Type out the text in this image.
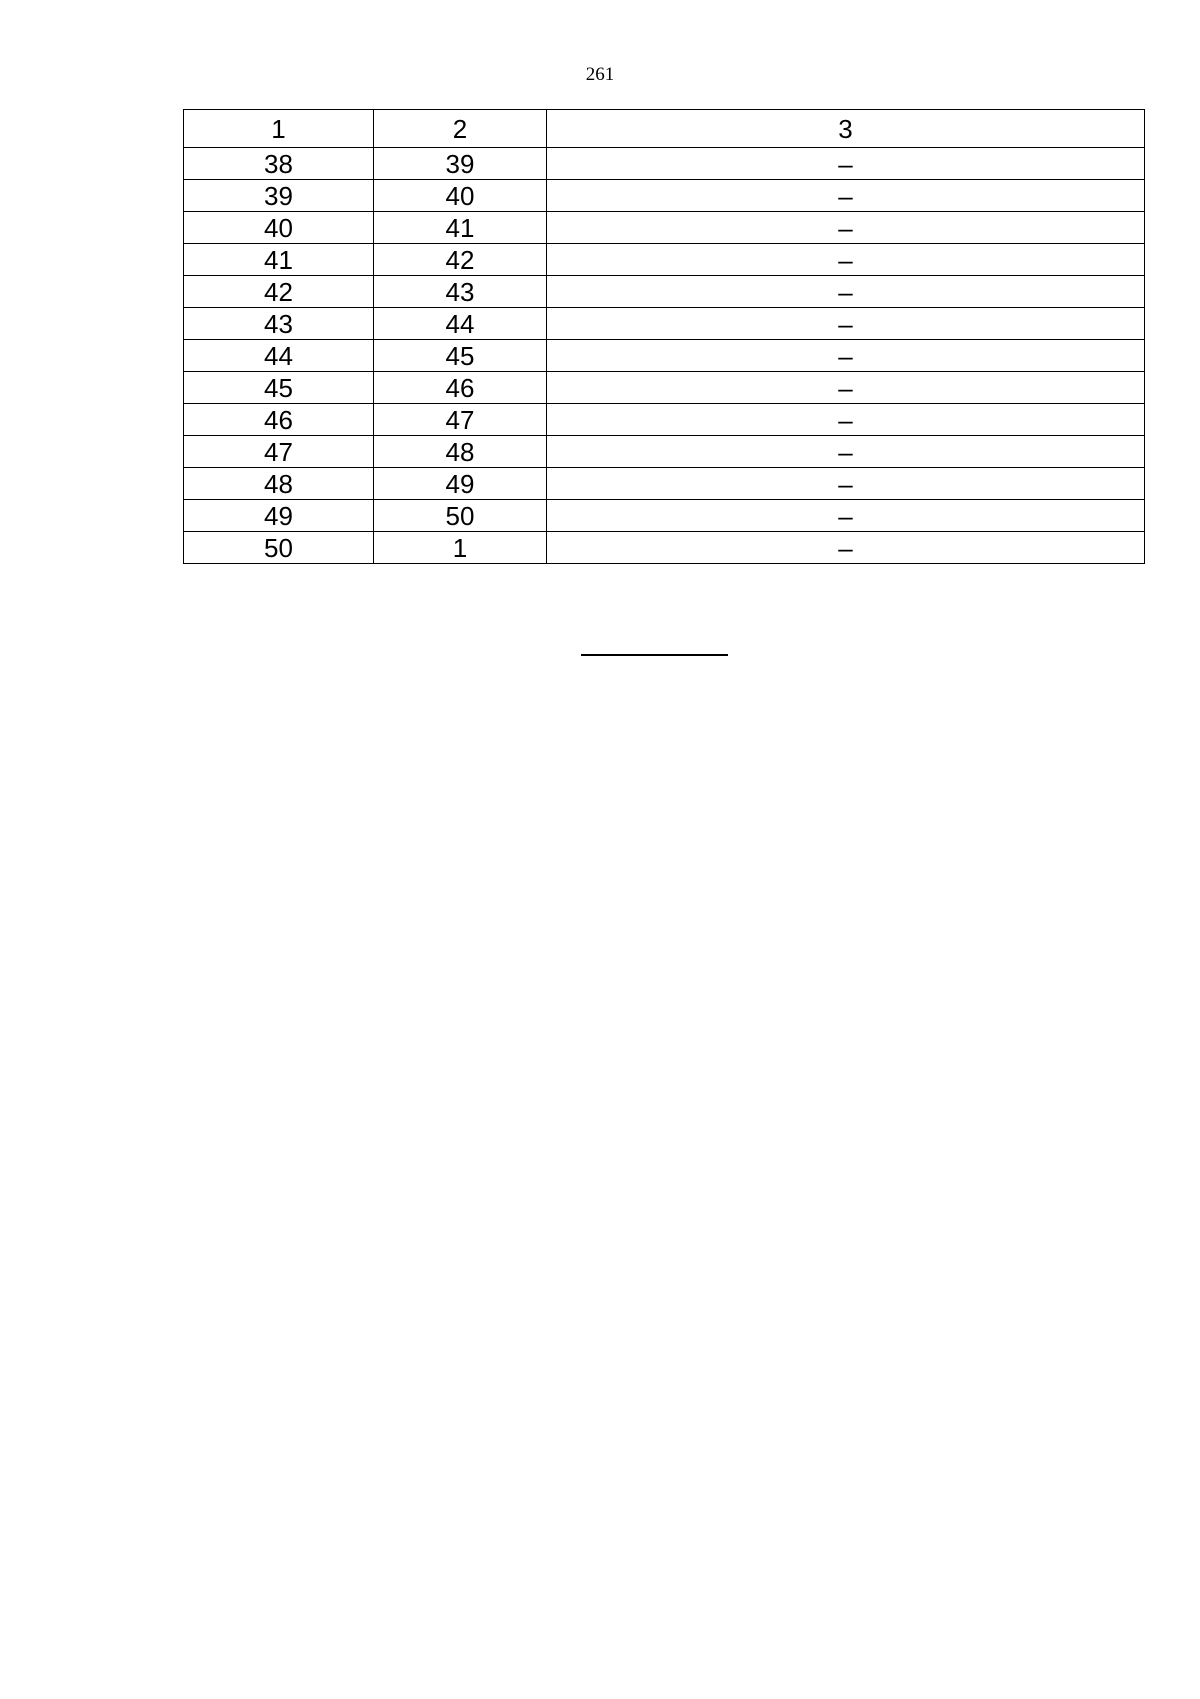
261
1	2	3
38	39	–
39	40	–
40	41	–
41	42	–
42	43	–
43	44	–
44	45	–
45	46	–
46	47	–
47	48	–
48	49	–
49	50	–
50	1	–
